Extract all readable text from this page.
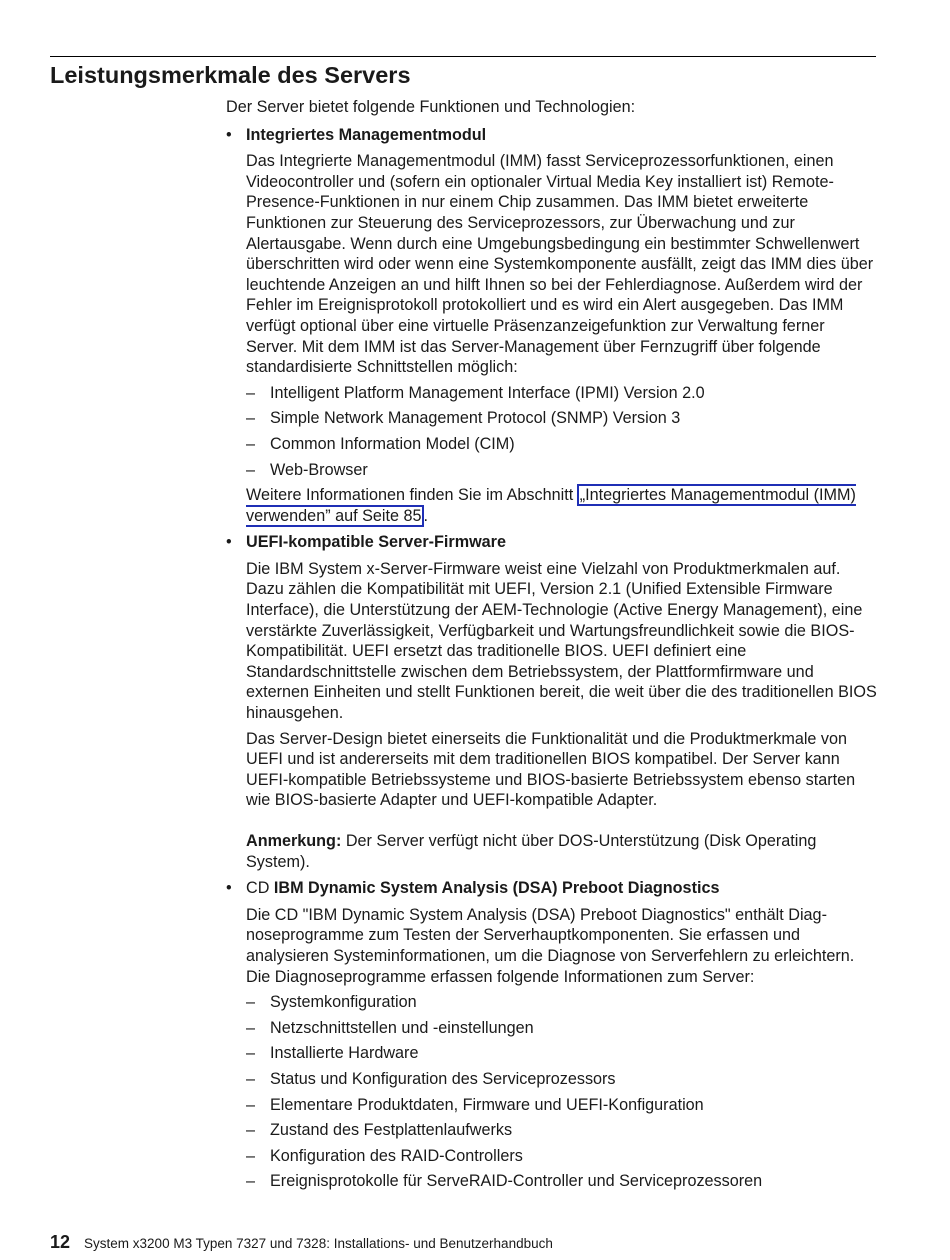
Leistungsmerkmale des Servers

Der Server bietet folgende Funktionen und Technologien:

• Integriertes Managementmodul

Das Integrierte Managementmodul (IMM) fasst Serviceprozessorfunktionen, einen Videocontroller und (sofern ein optionaler Virtual Media Key installiert ist) Remote-Presence-Funktionen in nur einem Chip zusammen. Das IMM bietet erweiterte Funktionen zur Steuerung des Serviceprozessors, zur Überwachung und zur Alertausgabe. Wenn durch eine Umgebungsbedingung ein bestimmter Schwellenwert überschritten wird oder wenn eine Systemkomponente ausfällt, zeigt das IMM dies über leuchtende Anzeigen an und hilft Ihnen so bei der Fehlerdiagnose. Außerdem wird der Fehler im Ereignisprotokoll protokolliert und es wird ein Alert ausgegeben. Das IMM verfügt optional über eine virtuelle Präsenzanzeigefunktion zur Verwaltung ferner Server. Mit dem IMM ist das Server-Management über Fernzugriff über folgende standardisierte Schnittstellen möglich:

– Intelligent Platform Management Interface (IPMI) Version 2.0
– Simple Network Management Protocol (SNMP) Version 3
– Common Information Model (CIM)
– Web-Browser

Weitere Informationen finden Sie im Abschnitt „Integriertes Managementmodul (IMM) verwenden” auf Seite 85 .

• UEFI-kompatible Server-Firmware

Die IBM System x-Server-Firmware weist eine Vielzahl von Produktmerkmalen auf. Dazu zählen die Kompatibilität mit UEFI, Version 2.1 (Unified Extensible Firmware Interface), die Unterstützung der AEM-Technologie (Active Energy Management), eine verstärkte Zuverlässigkeit, Verfügbarkeit und Wartungsfreundlichkeit sowie die BIOS-Kompatibilität. UEFI ersetzt das traditionelle BIOS. UEFI definiert eine Standardschnittstelle zwischen dem Betriebssystem, der Plattformfirmware und externen Einheiten und stellt Funktionen bereit, die weit über die des traditionellen BIOS hinausgehen.

Das Server-Design bietet einerseits die Funktionalität und die Produktmerkmale von UEFI und ist andererseits mit dem traditionellen BIOS kompatibel. Der Server kann UEFI-kompatible Betriebssysteme und BIOS-basierte Betriebssystem ebenso starten wie BIOS-basierte Adapter und UEFI-kompatible Adapter.

Anmerkung: Der Server verfügt nicht über DOS-Unterstützung (Disk Operating System).

• CD IBM Dynamic System Analysis (DSA) Preboot Diagnostics

Die CD "IBM Dynamic System Analysis (DSA) Preboot Diagnostics" enthält Diagnoseprogramme zum Testen der Serverhauptkomponenten. Sie erfassen und analysieren Systeminformationen, um die Diagnose von Serverfehlern zu erleichtern. Die Diagnoseprogramme erfassen folgende Informationen zum Server:

– Systemkonfiguration
– Netzschnittstellen und -einstellungen
– Installierte Hardware
– Status und Konfiguration des Serviceprozessors
– Elementare Produktdaten, Firmware und UEFI-Konfiguration
– Zustand des Festplattenlaufwerks
– Konfiguration des RAID-Controllers
– Ereignisprotokolle für ServeRAID-Controller und Serviceprozessoren
12 System x3200 M3 Typen 7327 und 7328: Installations- und Benutzerhandbuch
